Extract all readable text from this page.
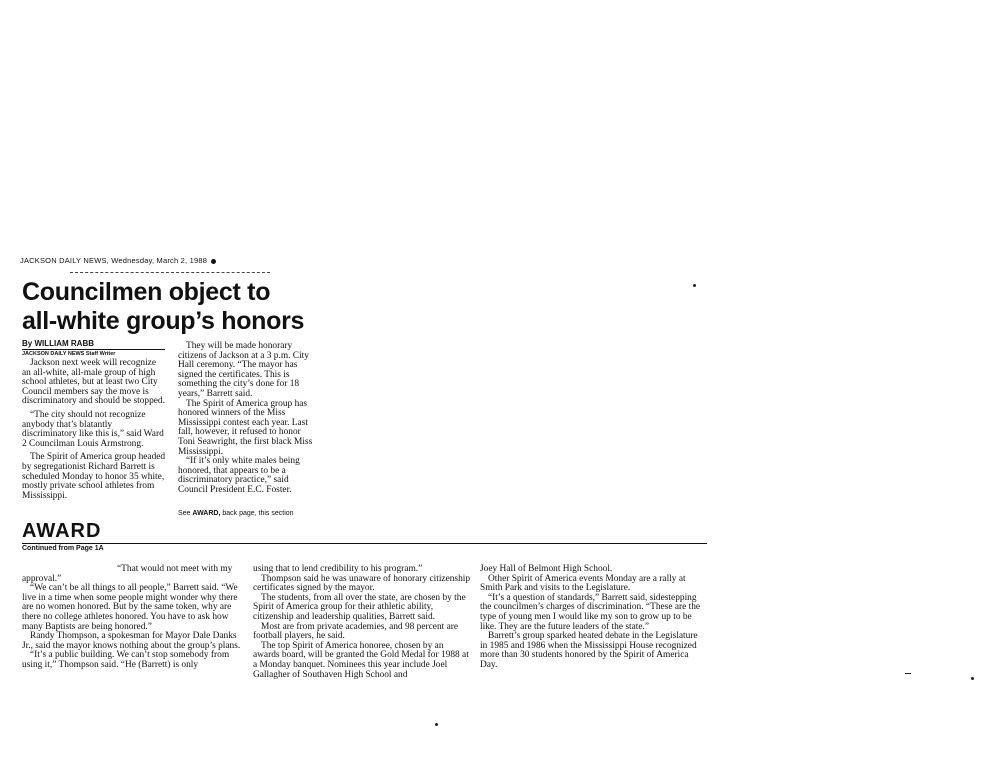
JACKSON DAILY NEWS, Wednesday, March 2, 1988
Councilmen object to
all-white group’s honors
By WILLIAM RABB
JACKSON DAILY NEWS Staff Writer

Jackson next week will recognize an all-white, all-male group of high school athletes, but at least two City Council members say the move is discriminatory and should be stopped.

“The city should not recognize anybody that’s blatantly discriminatory like this is,” said Ward 2 Councilman Louis Armstrong.

The Spirit of America group headed by segregationist Richard Barrett is scheduled Monday to honor 35 white, mostly private school athletes from Mississippi.

They will be made honorary citizens of Jackson at a 3 p.m. City Hall ceremony. “The mayor has signed the certificates. This is something the city’s done for 18 years,” Barrett said.

The Spirit of America group has honored winners of the Miss Mississippi contest each year. Last fall, however, it refused to honor Toni Seawright, the first black Miss Mississippi.

“If it’s only white males being honored, that appears to be a discriminatory practice,” said Council President E.C. Foster.

See AWARD, back page, this section
AWARD
Continued from Page 1A

“That would not meet with my approval.”

“We can’t be all things to all people,” Barrett said. “We live in a time when some people might wonder why there are no women honored. But by the same token, why are there no college athletes honored. You have to ask how many Baptists are being honored.”

Randy Thompson, a spokesman for Mayor Dale Danks Jr., said the mayor knows nothing about the group’s plans.

“It’s a public building. We can’t stop somebody from using it,” Thompson said. “He (Barrett) is only

using that to lend credibility to his program.”

Thompson said he was unaware of honorary citizenship certificates signed by the mayor.

The students, from all over the state, are chosen by the Spirit of America group for their athletic ability, citizenship and leadership qualities, Barrett said.

Most are from private academies, and 98 percent are football players, he said.

The top Spirit of America honoree, chosen by an awards board, will be granted the Gold Medal for 1988 at a Monday banquet. Nominees this year include Joel Gallagher of Southaven High School and

Joey Hall of Belmont High School.

Other Spirit of America events Monday are a rally at Smith Park and visits to the Legislature.

“It’s a question of standards,” Barrett said, sidestepping the councilmen’s charges of discrimination. “These are the type of young men I would like my son to grow up to be like. They are the future leaders of the state.”

Barrett’s group sparked heated debate in the Legislature in 1985 and 1986 when the Mississippi House recognized more than 30 students honored by the Spirit of America Day.
